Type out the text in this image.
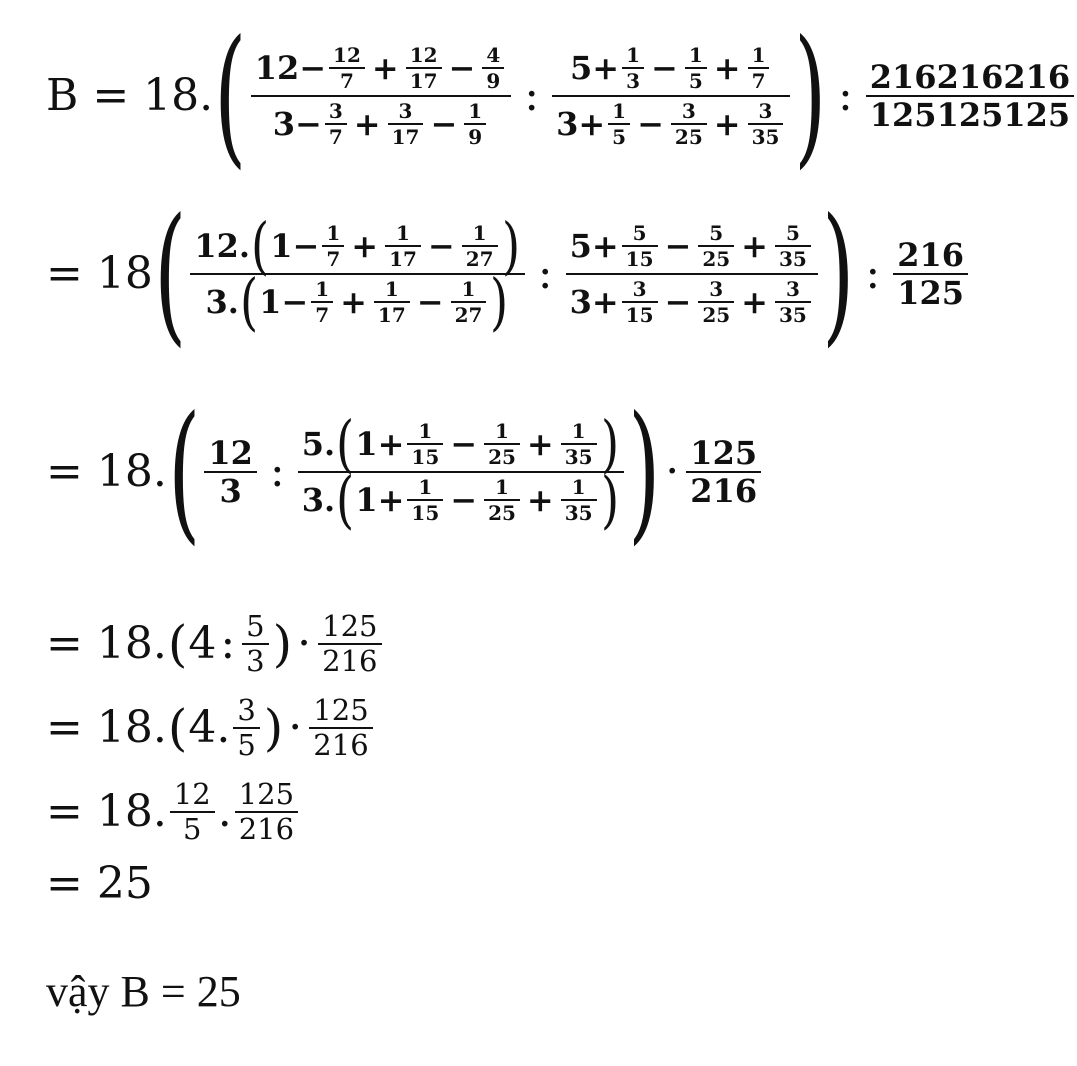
B = 18. ( $\frac{12- \frac{12}{7} + \frac{12}{17} - \frac{4}{9}}{3- \frac{3}{7} + \frac{3}{17} - \frac{1}{9}}$ : $\frac{5+ \frac{1}{3} - \frac{1}{5} + \frac{1}{7}}{3+ \frac{1}{5} - \frac{3}{25} + \frac{3}{35}}$ ) : $\frac{216216216}{125125125}$
= 18 ( 12. ( $1- \frac{1}{7} + \frac{1}{17} - \frac{1}{27}$ )
3. ( $1- \frac{1}{7} + \frac{1}{17} - \frac{1}{27}$ ) : $\frac{5+ \frac{5}{15} - \frac{5}{25} + \frac{5}{35}}{3+ \frac{3}{15} - \frac{3}{25} + \frac{3}{35}}$ ) : $\frac{216}{125}$
= 18. ( $\frac{12}{3}$ :
5. ( $1+ \frac{1}{15} - \frac{1}{25} + \frac{1}{35}$ )
3. ( $1+ \frac{1}{15} - \frac{1}{25} + \frac{1}{35}$ ) ) · $\frac{125}{216}$
= 18. ( 4 : $\frac{5}{3}$ ) · $\frac{125}{216}$
= 18. ( 4. $\frac{3}{5}$ ) · $\frac{125}{216}$
= 18. $\frac{12}{5}$ . $\frac{125}{216}$
= 25
vậy B = 25
